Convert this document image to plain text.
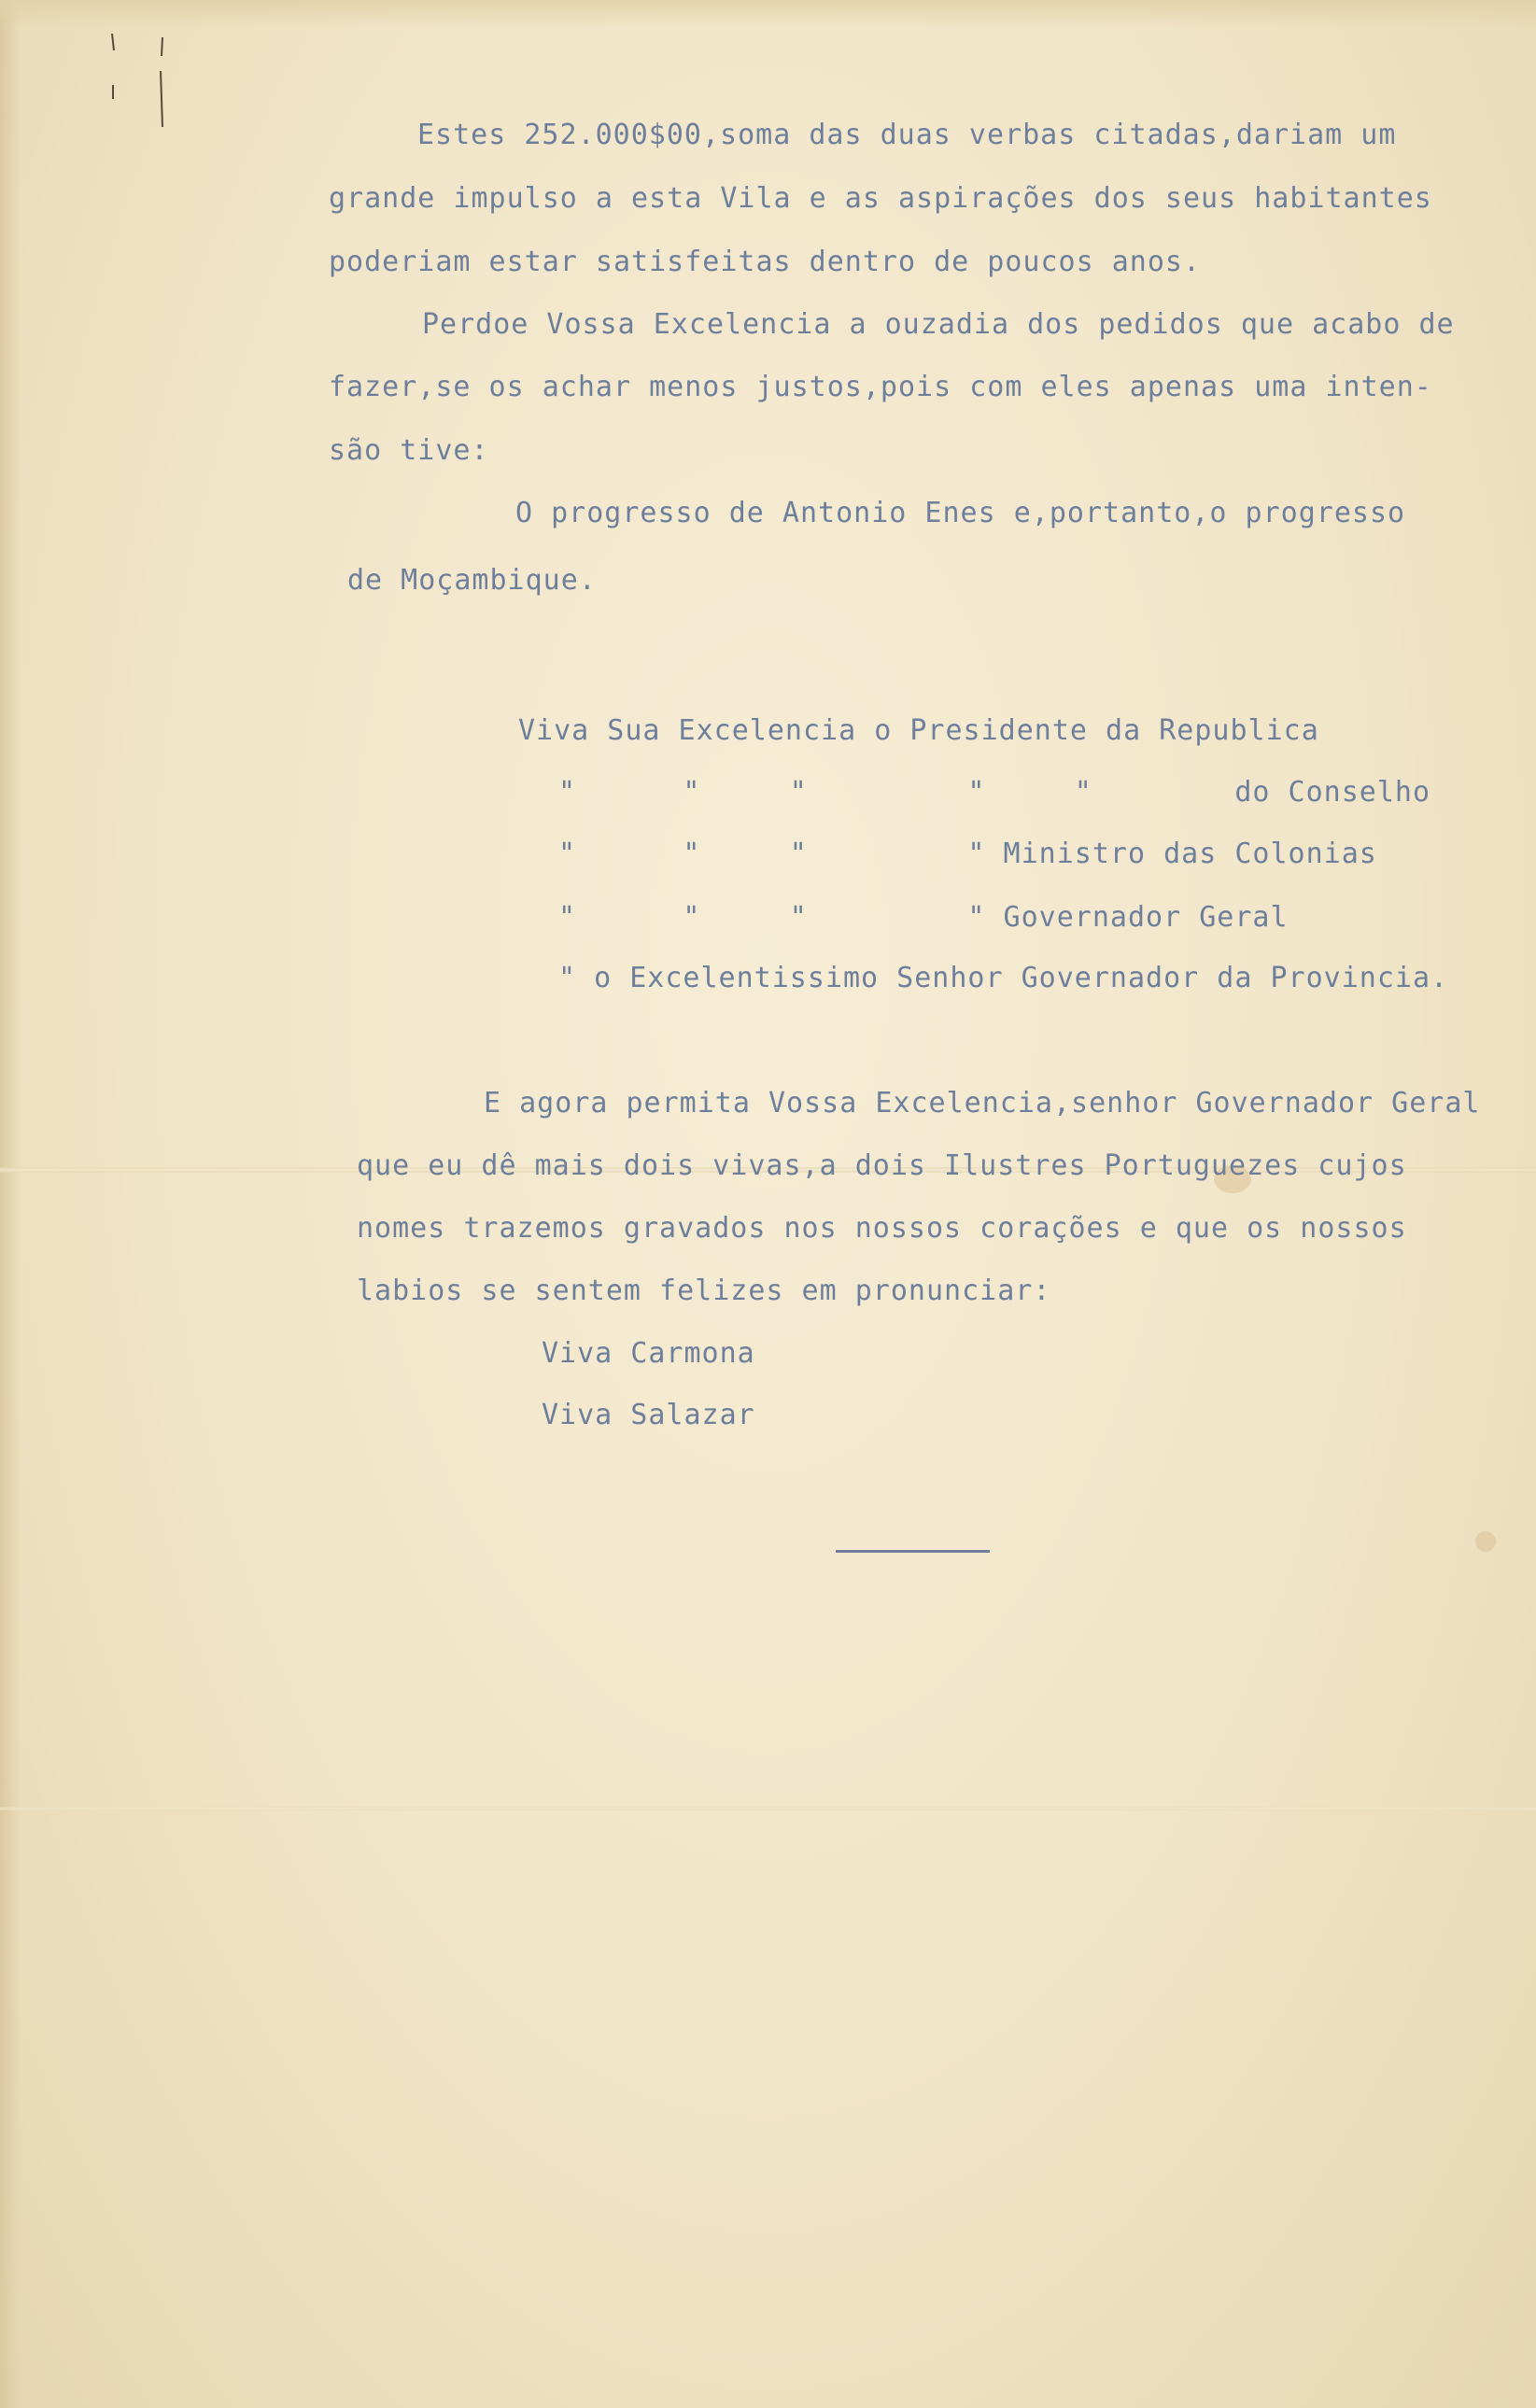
Estes 252.000$00,soma das duas verbas citadas,dariam um
grande impulso a esta Vila e as aspirações dos seus habitantes
poderiam estar satisfeitas dentro de poucos anos.
Perdoe Vossa Excelencia a ouzadia dos pedidos que acabo de
fazer,se os achar menos justos,pois com eles apenas uma inten-
são tive:
O progresso de Antonio Enes e,portanto,o progresso
de Moçambique.
Viva Sua Excelencia o Presidente da Republica
"      "     "         "     "        do Conselho
"      "     "         " Ministro das Colonias
"      "     "         " Governador Geral
" o Excelentissimo Senhor Governador da Provincia.
E agora permita Vossa Excelencia,senhor Governador Geral
que eu dê mais dois vivas,a dois Ilustres Portuguezes cujos
nomes trazemos gravados nos nossos corações e que os nossos
labios se sentem felizes em pronunciar:
Viva Carmona
Viva Salazar
